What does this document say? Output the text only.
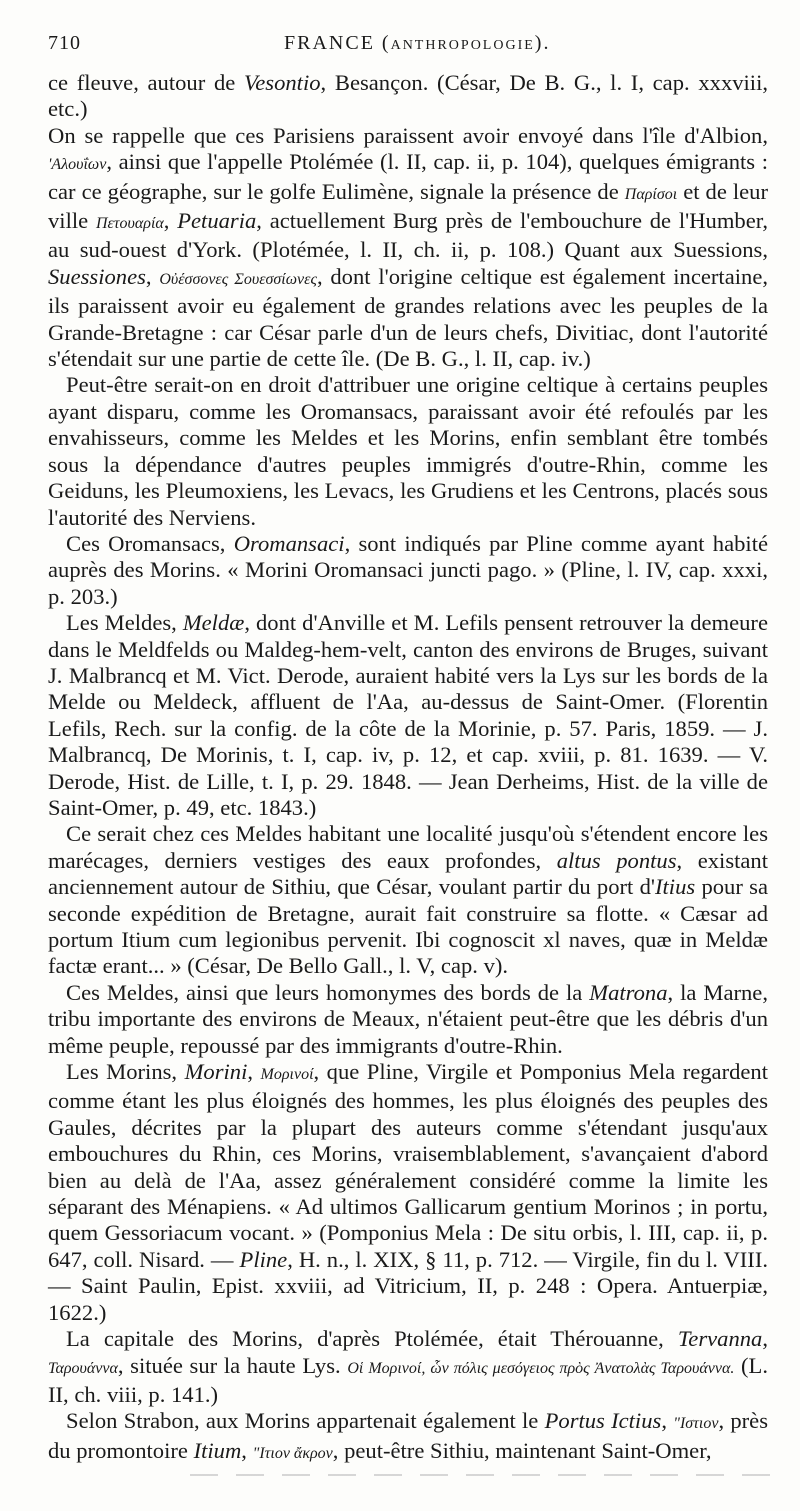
710	FRANCE (ANTHROPOLOGIE).

ce fleuve, autour de Vesontio, Besançon. (César, De B. G., l. I, cap. xxxviii, etc.)

On se rappelle que ces Parisiens paraissent avoir envoyé dans l'île d'Albion, 'Αλουΐων, ainsi que l'appelle Ptolémée (l. II, cap. ii, p. 104), quelques émigrants : car ce géographe, sur le golfe Eulimène, signale la présence de Παρίσοι et de leur ville Πετουαρία, Petuaria, actuellement Burg près de l'embouchure de l'Humber, au sud-ouest d'York. (Plotémée, l. II, ch. ii, p. 108.) Quant aux Suessions, Suessiones, Οὐέσσονες Σουεσσίωνες, dont l'origine celtique est également incertaine, ils paraissent avoir eu également de grandes relations avec les peuples de la Grande-Bretagne : car César parle d'un de leurs chefs, Divitiac, dont l'autorité s'étendait sur une partie de cette île. (De B. G., l. II, cap. iv.)

Peut-être serait-on en droit d'attribuer une origine celtique à certains peuples ayant disparu, comme les Oromansacs, paraissant avoir été refoulés par les envahisseurs, comme les Meldes et les Morins, enfin semblant être tombés sous la dépendance d'autres peuples immigrés d'outre-Rhin, comme les Geiduns, les Pleumoxiens, les Levacs, les Grudiens et les Centrons, placés sous l'autorité des Nerviens.

Ces Oromansacs, Oromansaci, sont indiqués par Pline comme ayant habité auprès des Morins. « Morini Oromansaci juncti pago. » (Pline, l. IV, cap. xxxi, p. 203.)

Les Meldes, Meldæ, dont d'Anville et M. Lefils pensent retrouver la demeure dans le Meldfelds ou Maldeg-hem-velt, canton des environs de Bruges, suivant J. Malbrancq et M. Vict. Derode, auraient habité vers la Lys sur les bords de la Melde ou Meldeck, affluent de l'Aa, au-dessus de Saint-Omer. (Florentin Lefils, Rech. sur la config. de la côte de la Morinie, p. 57. Paris, 1859. — J. Malbrancq, De Morinis, t. I, cap. iv, p. 12, et cap. xviii, p. 81. 1639. — V. Derode, Hist. de Lille, t. I, p. 29. 1848. — Jean Derheims, Hist. de la ville de Saint-Omer, p. 49, etc. 1843.)

Ce serait chez ces Meldes habitant une localité jusqu'où s'étendent encore les marécages, derniers vestiges des eaux profondes, altus pontus, existant anciennement autour de Sithiu, que César, voulant partir du port d'Itius pour sa seconde expédition de Bretagne, aurait fait construire sa flotte. « Cæsar ad portum Itium cum legionibus pervenit. Ibi cognoscit xl naves, quæ in Meldæ factæ erant... » (César, De Bello Gall., l. V, cap. v).

Ces Meldes, ainsi que leurs homonymes des bords de la Matrona, la Marne, tribu importante des environs de Meaux, n'étaient peut-être que les débris d'un même peuple, repoussé par des immigrants d'outre-Rhin.

Les Morins, Morini, Μορινοί, que Pline, Virgile et Pomponius Mela regardent comme étant les plus éloignés des hommes, les plus éloignés des peuples des Gaules, décrites par la plupart des auteurs comme s'étendant jusqu'aux embouchures du Rhin, ces Morins, vraisemblablement, s'avançaient d'abord bien au delà de l'Aa, assez généralement considéré comme la limite les séparant des Ménapiens. « Ad ultimos Gallicarum gentium Morinos ; in portu, quem Gessoriacum vocant. » (Pomponius Mela : De situ orbis, l. III, cap. ii, p. 647, coll. Nisard. — Pline, H. n., l. XIX, § 11, p. 712. — Virgile, fin du l. VIII. — Saint Paulin, Epist. xxviii, ad Vitricium, II, p. 248 : Opera. Antuerpiæ, 1622.)

La capitale des Morins, d'après Ptolémée, était Thérouanne, Tervanna, Ταρουάννα, située sur la haute Lys. Οἱ Μορινοί, ὧν πόλις μεσόγειος πρὸς Ἀνατολὰς Ταρουάννα. (L. II, ch. viii, p. 141.)

Selon Strabon, aux Morins appartenait également le Portus Ictius, "Ιστιον, près du promontoire Itium, "Ιτιον ἄκρον, peut-être Sithiu, maintenant Saint-Omer,
